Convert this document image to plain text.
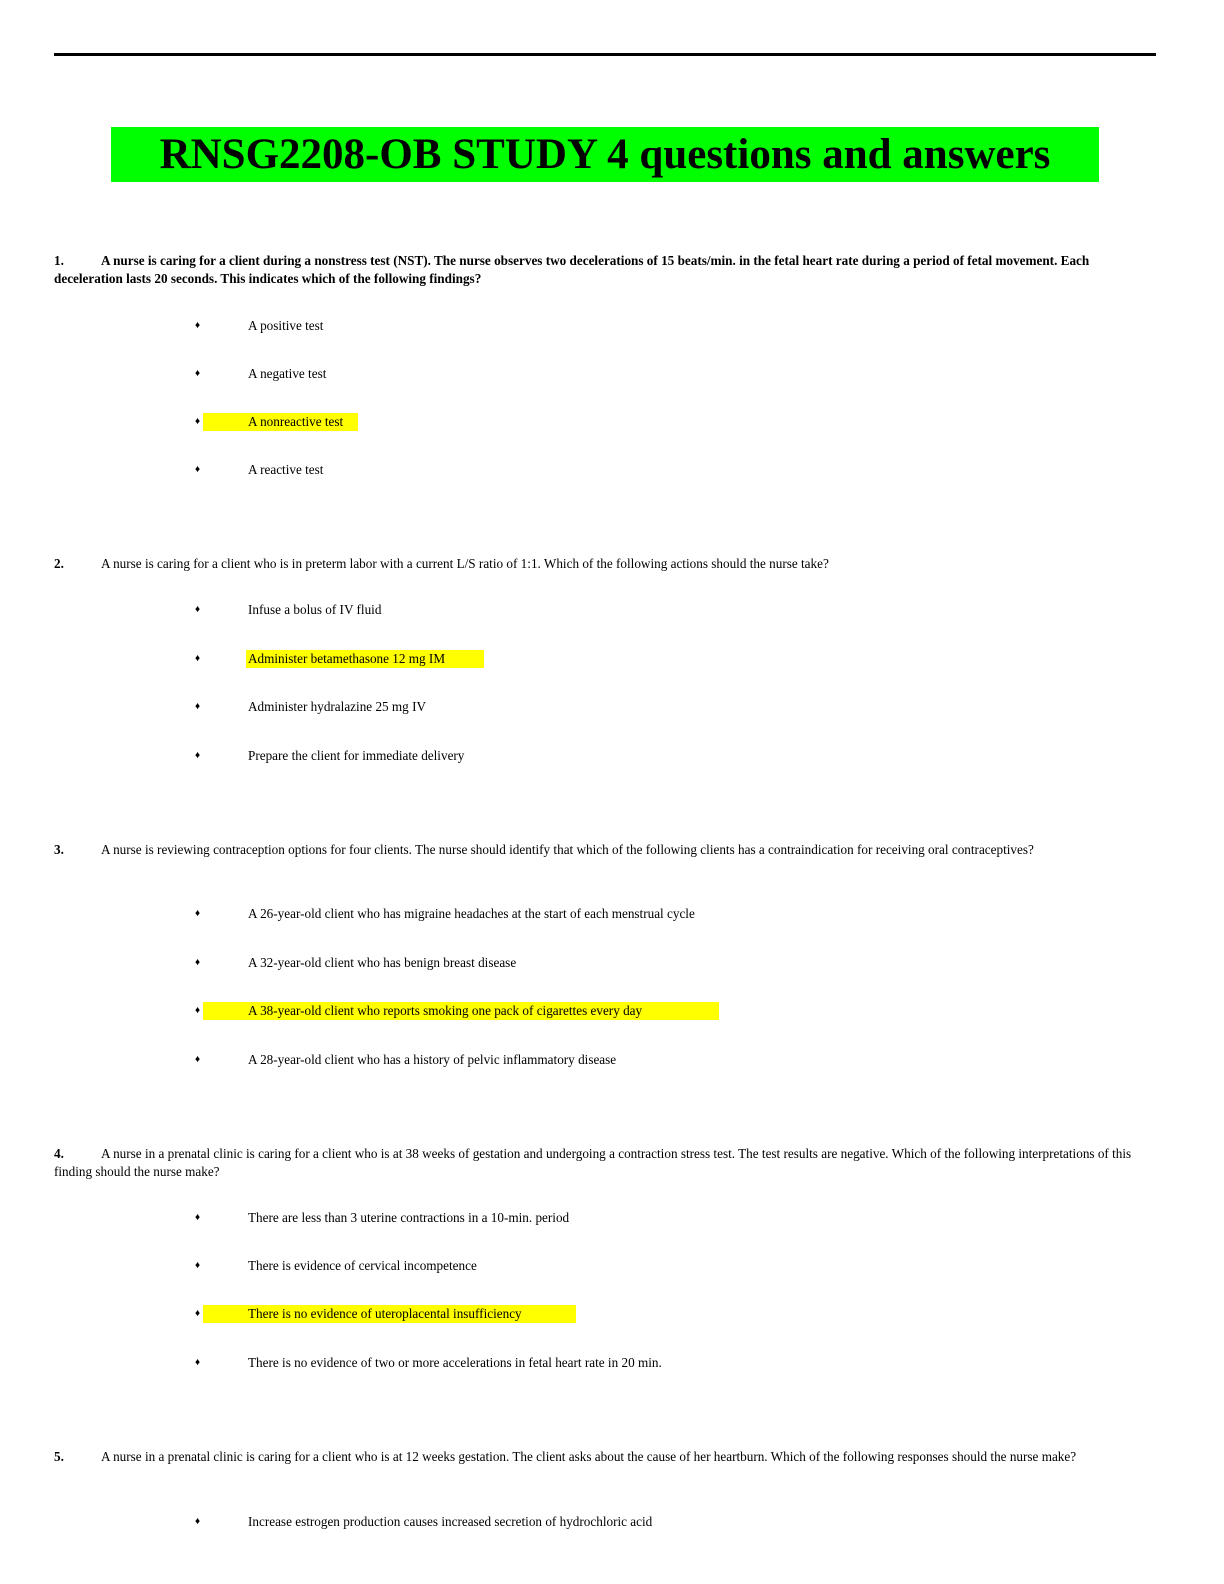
RNSG2208-OB STUDY 4 questions and answers
1.	A nurse is caring for a client during a nonstress test (NST). The nurse observes two decelerations of 15 beats/min. in the fetal heart rate during a period of fetal movement. Each deceleration lasts 20 seconds. This indicates which of the following findings?
♦	A positive test
♦	A negative test
♦	A nonreactive test
♦	A reactive test
2.	A nurse is caring for a client who is in preterm labor with a current L/S ratio of 1:1. Which of the following actions should the nurse take?
♦	Infuse a bolus of IV fluid
♦	Administer betamethasone 12 mg IM
♦	Administer hydralazine 25 mg IV
♦	Prepare the client for immediate delivery
3.	A nurse is reviewing contraception options for four clients. The nurse should identify that which of the following clients has a contraindication for receiving oral contraceptives?
♦	A 26-year-old client who has migraine headaches at the start of each menstrual cycle
♦	A 32-year-old client who has benign breast disease
♦	A 38-year-old client who reports smoking one pack of cigarettes every day
♦	A 28-year-old client who has a history of pelvic inflammatory disease
4.	A nurse in a prenatal clinic is caring for a client who is at 38 weeks of gestation and undergoing a contraction stress test. The test results are negative. Which of the following interpretations of this finding should the nurse make?
♦	There are less than 3 uterine contractions in a 10-min. period
♦	There is evidence of cervical incompetence
♦	There is no evidence of uteroplacental insufficiency
♦	There is no evidence of two or more accelerations in fetal heart rate in 20 min.
5.	A nurse in a prenatal clinic is caring for a client who is at 12 weeks gestation. The client asks about the cause of her heartburn. Which of the following responses should the nurse make?
♦	Increase estrogen production causes increased secretion of hydrochloric acid
